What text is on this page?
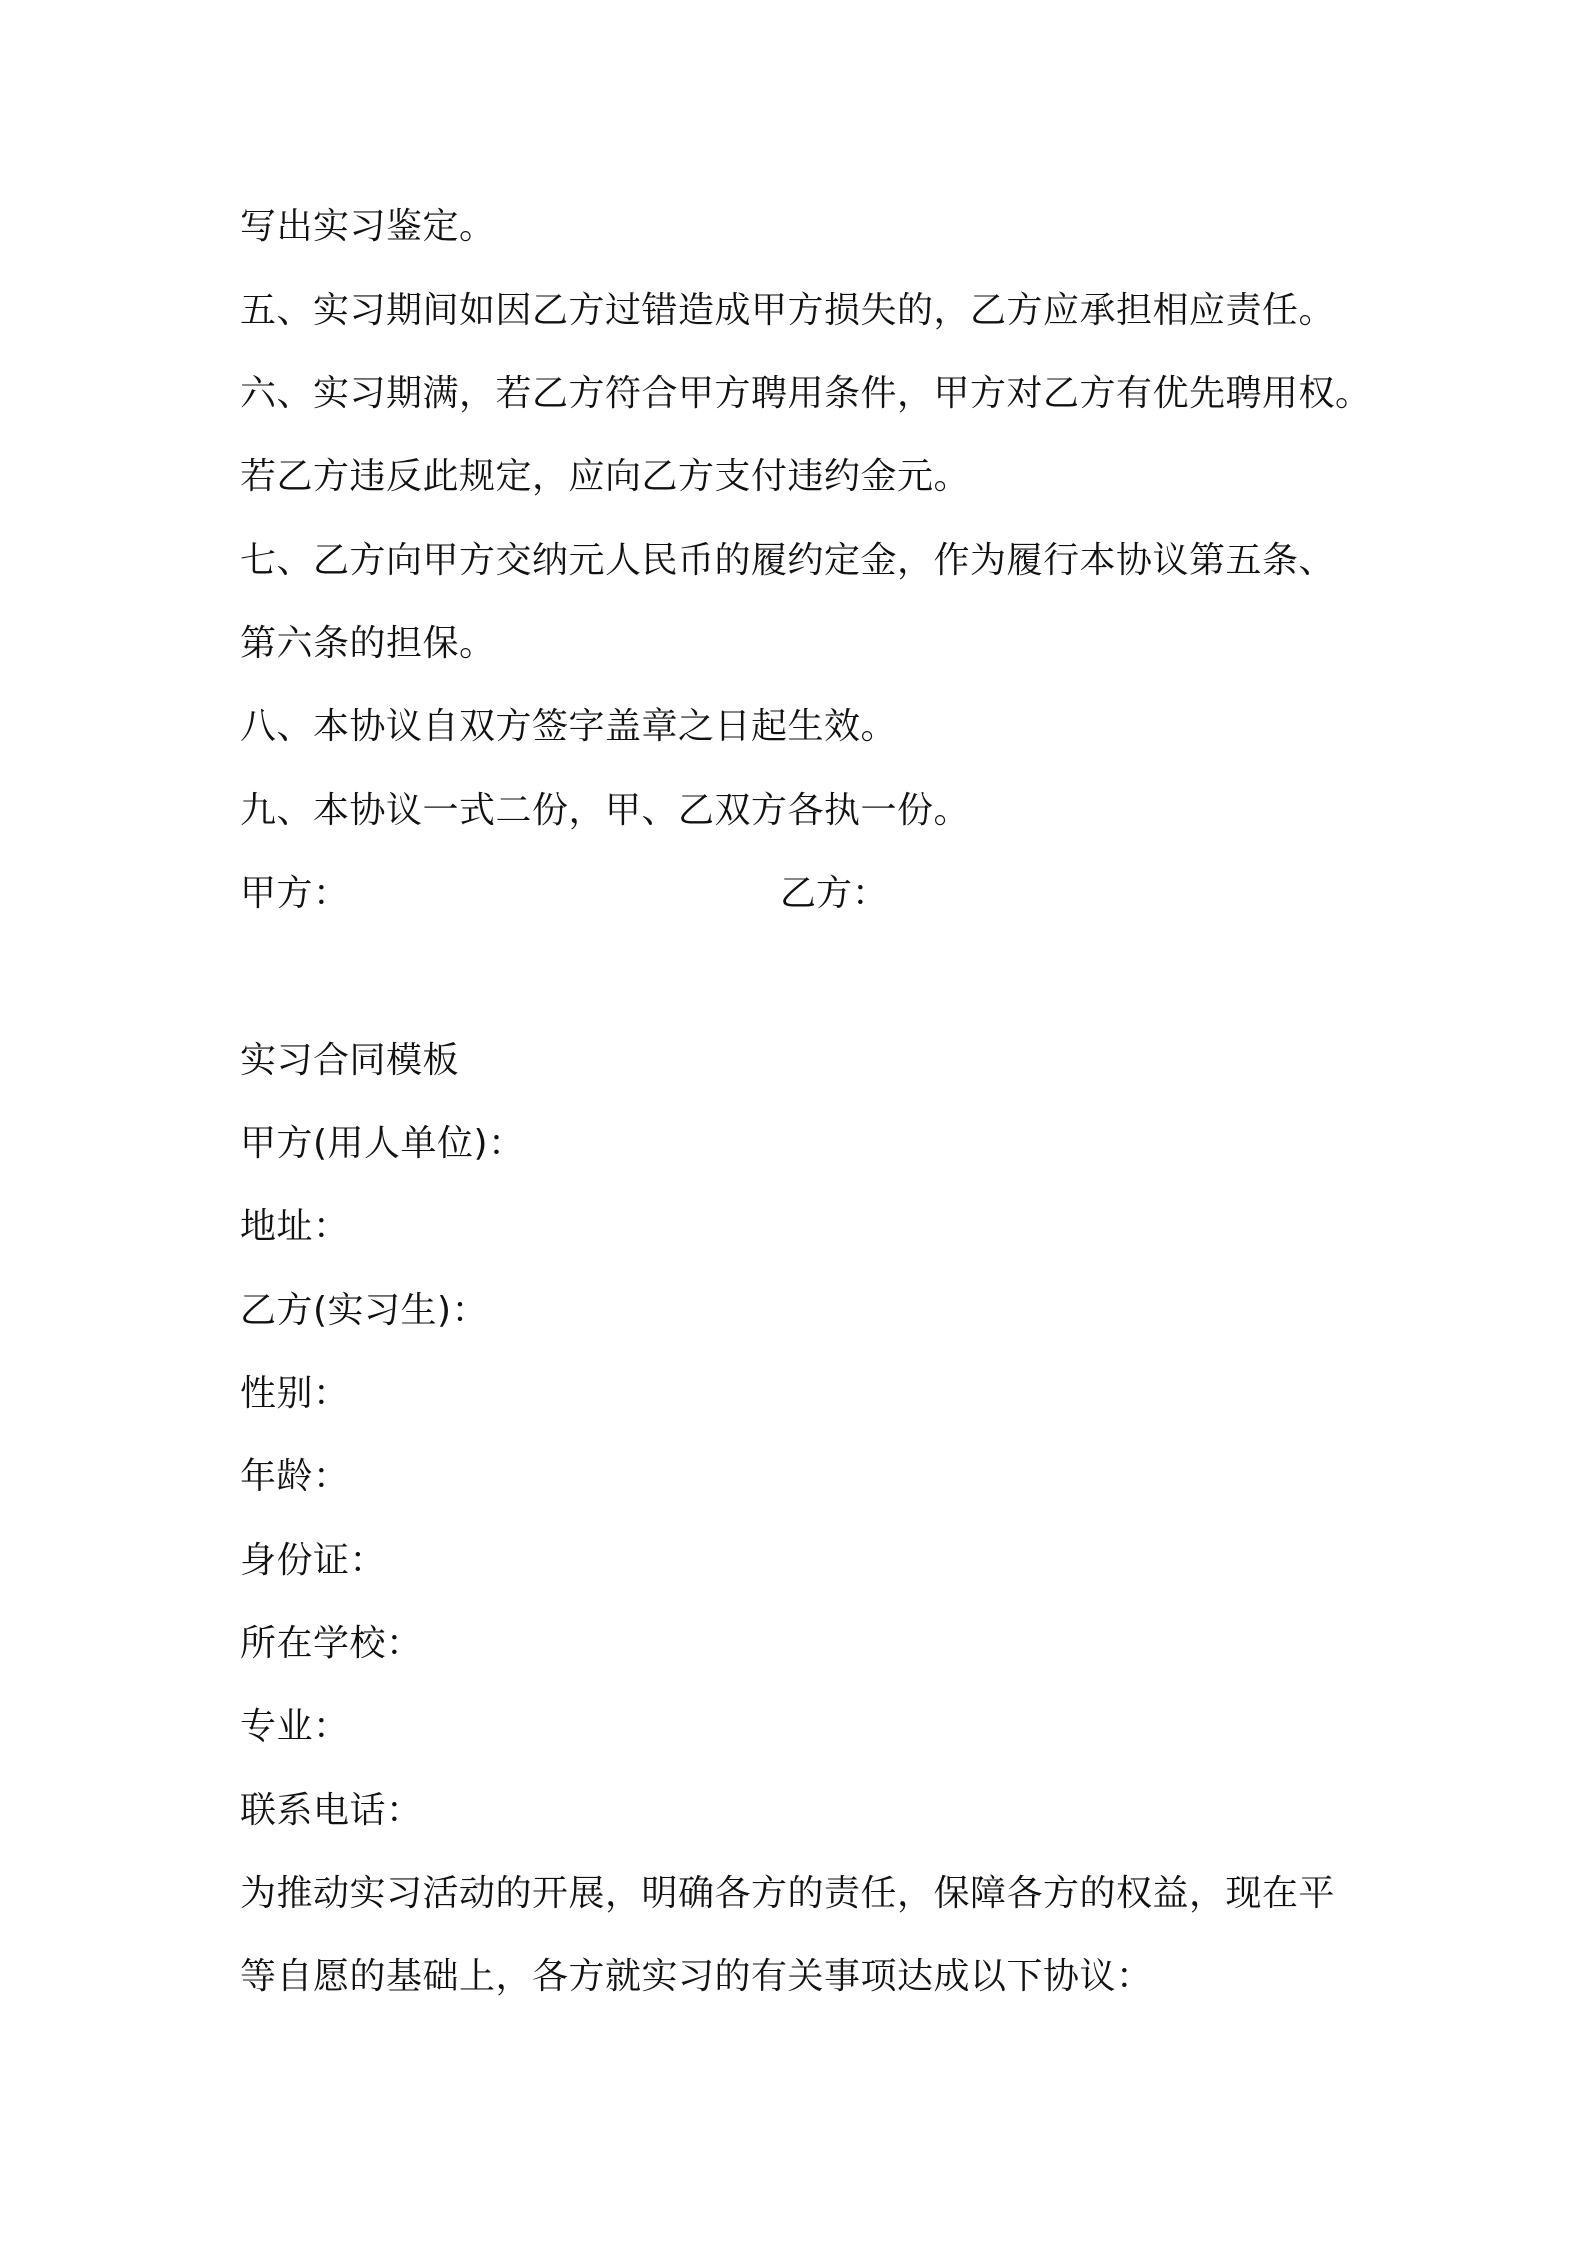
写出实习鉴定。
五、实习期间如因乙方过错造成甲方损失的，乙方应承担相应责任。
六、实习期满，若乙方符合甲方聘用条件，甲方对乙方有优先聘用权。
若乙方违反此规定，应向乙方支付违约金元。
七、乙方向甲方交纳元人民币的履约定金，作为履行本协议第五条、
第六条的担保。
八、本协议自双方签字盖章之日起生效。
九、本协议一式二份，甲、乙双方各执一份。
甲方：	乙方：
实习合同模板
甲方(用人单位)：
地址：
乙方(实习生)：
性别：
年龄：
身份证：
所在学校：
专业：
联系电话：
为推动实习活动的开展，明确各方的责任，保障各方的权益，现在平
等自愿的基础上，各方就实习的有关事项达成以下协议：
